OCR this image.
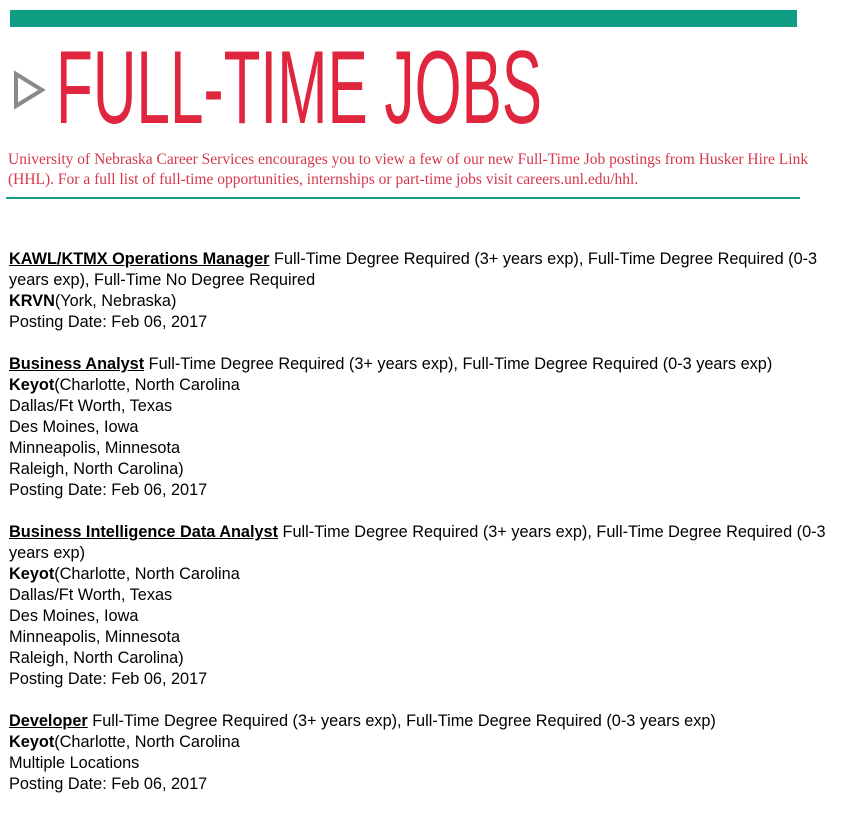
FULL-TIME JOBS

University of Nebraska Career Services encourages you to view a few of our new Full-Time Job postings from Husker Hire Link (HHL). For a full list of full-time opportunities, internships or part-time jobs visit careers.unl.edu/hhl.

KAWL/KTMX Operations Manager Full-Time Degree Required (3+ years exp), Full-Time Degree Required (0-3 years exp), Full-Time No Degree Required
KRVN(York, Nebraska)
Posting Date: Feb 06, 2017
Business Analyst Full-Time Degree Required (3+ years exp), Full-Time Degree Required (0-3 years exp)
Keyot(Charlotte, North Carolina
Dallas/Ft Worth, Texas
Des Moines, Iowa
Minneapolis, Minnesota
Raleigh, North Carolina)
Posting Date: Feb 06, 2017
Business Intelligence Data Analyst Full-Time Degree Required (3+ years exp), Full-Time Degree Required (0-3 years exp)
Keyot(Charlotte, North Carolina
Dallas/Ft Worth, Texas
Des Moines, Iowa
Minneapolis, Minnesota
Raleigh, North Carolina)
Posting Date: Feb 06, 2017
Developer Full-Time Degree Required (3+ years exp), Full-Time Degree Required (0-3 years exp)
Keyot(Charlotte, North Carolina
Multiple Locations
Posting Date: Feb 06, 2017
